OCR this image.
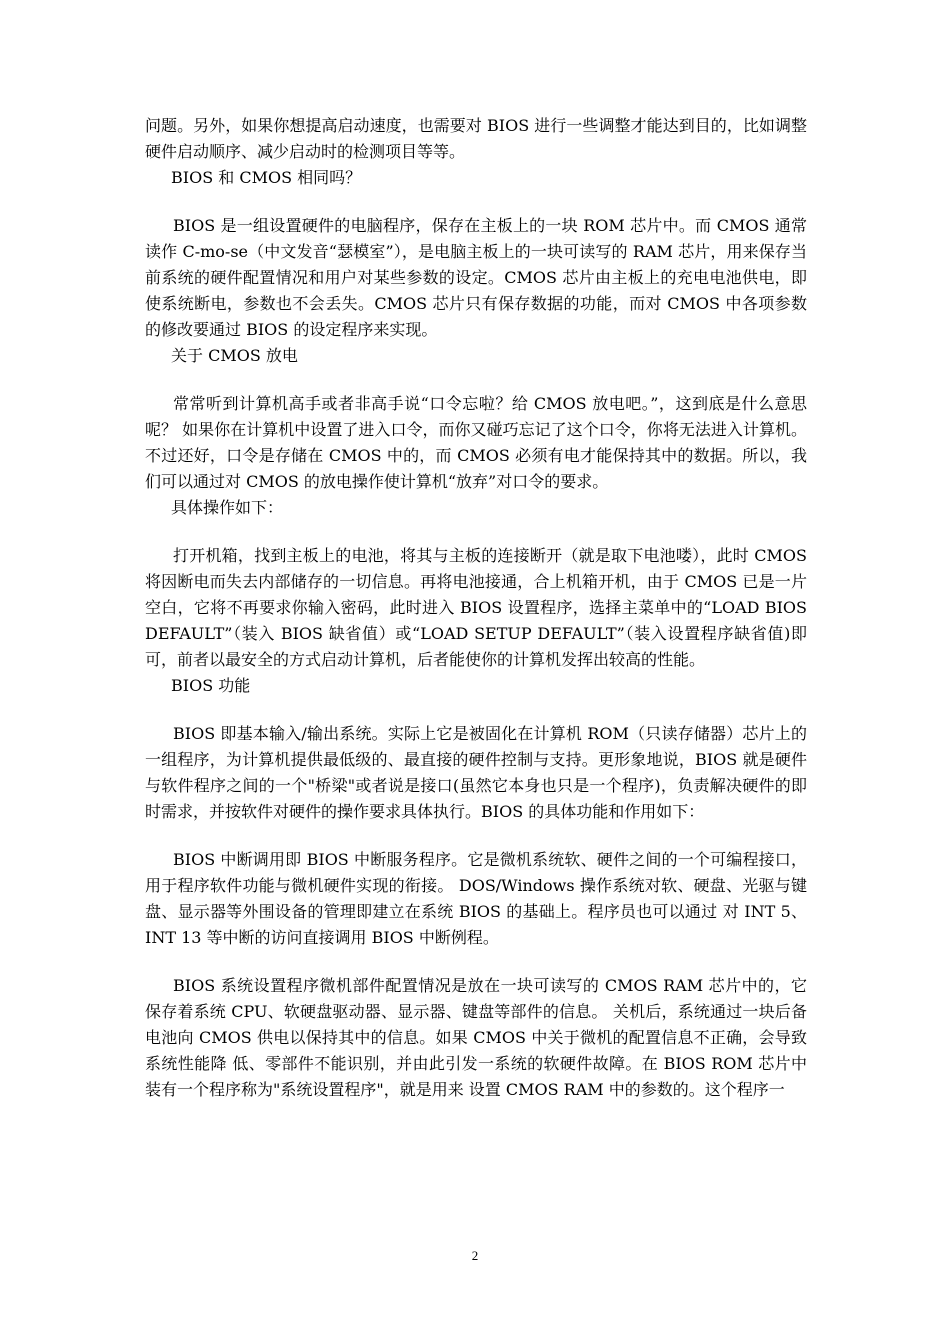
问题。另外，如果你想提高启动速度，也需要对 BIOS 进行一些调整才能达到目的，比如调整硬件启动顺序、减少启动时的检测项目等等。

BIOS 和 CMOS 相同吗？

BIOS 是一组设置硬件的电脑程序，保存在主板上的一块 ROM 芯片中。而 CMOS 通常读作 C-mo-se（中文发音“瑟模室”），是电脑主板上的一块可读写的 RAM 芯片，用来保存当前系统的硬件配置情况和用户对某些参数的设定。CMOS 芯片由主板上的充电电池供电，即使系统断电，参数也不会丢失。CMOS 芯片只有保存数据的功能，而对 CMOS 中各项参数的修改要通过 BIOS 的设定程序来实现。

关于 CMOS 放电

常常听到计算机高手或者非高手说“口令忘啦？给 CMOS 放电吧。”，这到底是什么意思呢？ 如果你在计算机中设置了进入口令，而你又碰巧忘记了这个口令，你将无法进入计算机。不过还好，口令是存储在 CMOS 中的，而 CMOS 必须有电才能保持其中的数据。所以，我们可以通过对 CMOS 的放电操作使计算机“放弃”对口令的要求。

具体操作如下：

打开机箱，找到主板上的电池，将其与主板的连接断开（就是取下电池喽），此时 CMOS 将因断电而失去内部储存的一切信息。再将电池接通，合上机箱开机，由于 CMOS 已是一片空白，它将不再要求你输入密码，此时进入 BIOS 设置程序，选择主菜单中的“LOAD BIOS DEFAULT”（装入 BIOS 缺省值）或“LOAD SETUP DEFAULT”（装入设置程序缺省值)即可，前者以最安全的方式启动计算机，后者能使你的计算机发挥出较高的性能。

BIOS 功能

BIOS 即基本输入/输出系统。实际上它是被固化在计算机 ROM（只读存储器）芯片上的一组程序，为计算机提供最低级的、最直接的硬件控制与支持。更形象地说，BIOS 就是硬件与软件程序之间的一个"桥梁"或者说是接口(虽然它本身也只是一个程序)，负责解决硬件的即时需求，并按软件对硬件的操作要求具体执行。BIOS 的具体功能和作用如下：

BIOS 中断调用即 BIOS 中断服务程序。它是微机系统软、硬件之间的一个可编程接口，用于程序软件功能与微机硬件实现的衔接。 DOS/Windows 操作系统对软、硬盘、光驱与键盘、显示器等外围设备的管理即建立在系统 BIOS 的基础上。程序员也可以通过 对 INT 5、INT 13 等中断的访问直接调用 BIOS 中断例程。

BIOS 系统设置程序微机部件配置情况是放在一块可读写的 CMOS RAM 芯片中的，它保存着系统 CPU、软硬盘驱动器、显示器、键盘等部件的信息。 关机后，系统通过一块后备电池向 CMOS 供电以保持其中的信息。如果 CMOS 中关于微机的配置信息不正确，会导致系统性能降 低、零部件不能识别，并由此引发一系统的软硬件故障。在 BIOS ROM 芯片中装有一个程序称为"系统设置程序"，就是用来 设置 CMOS RAM 中的参数的。这个程序一

2
